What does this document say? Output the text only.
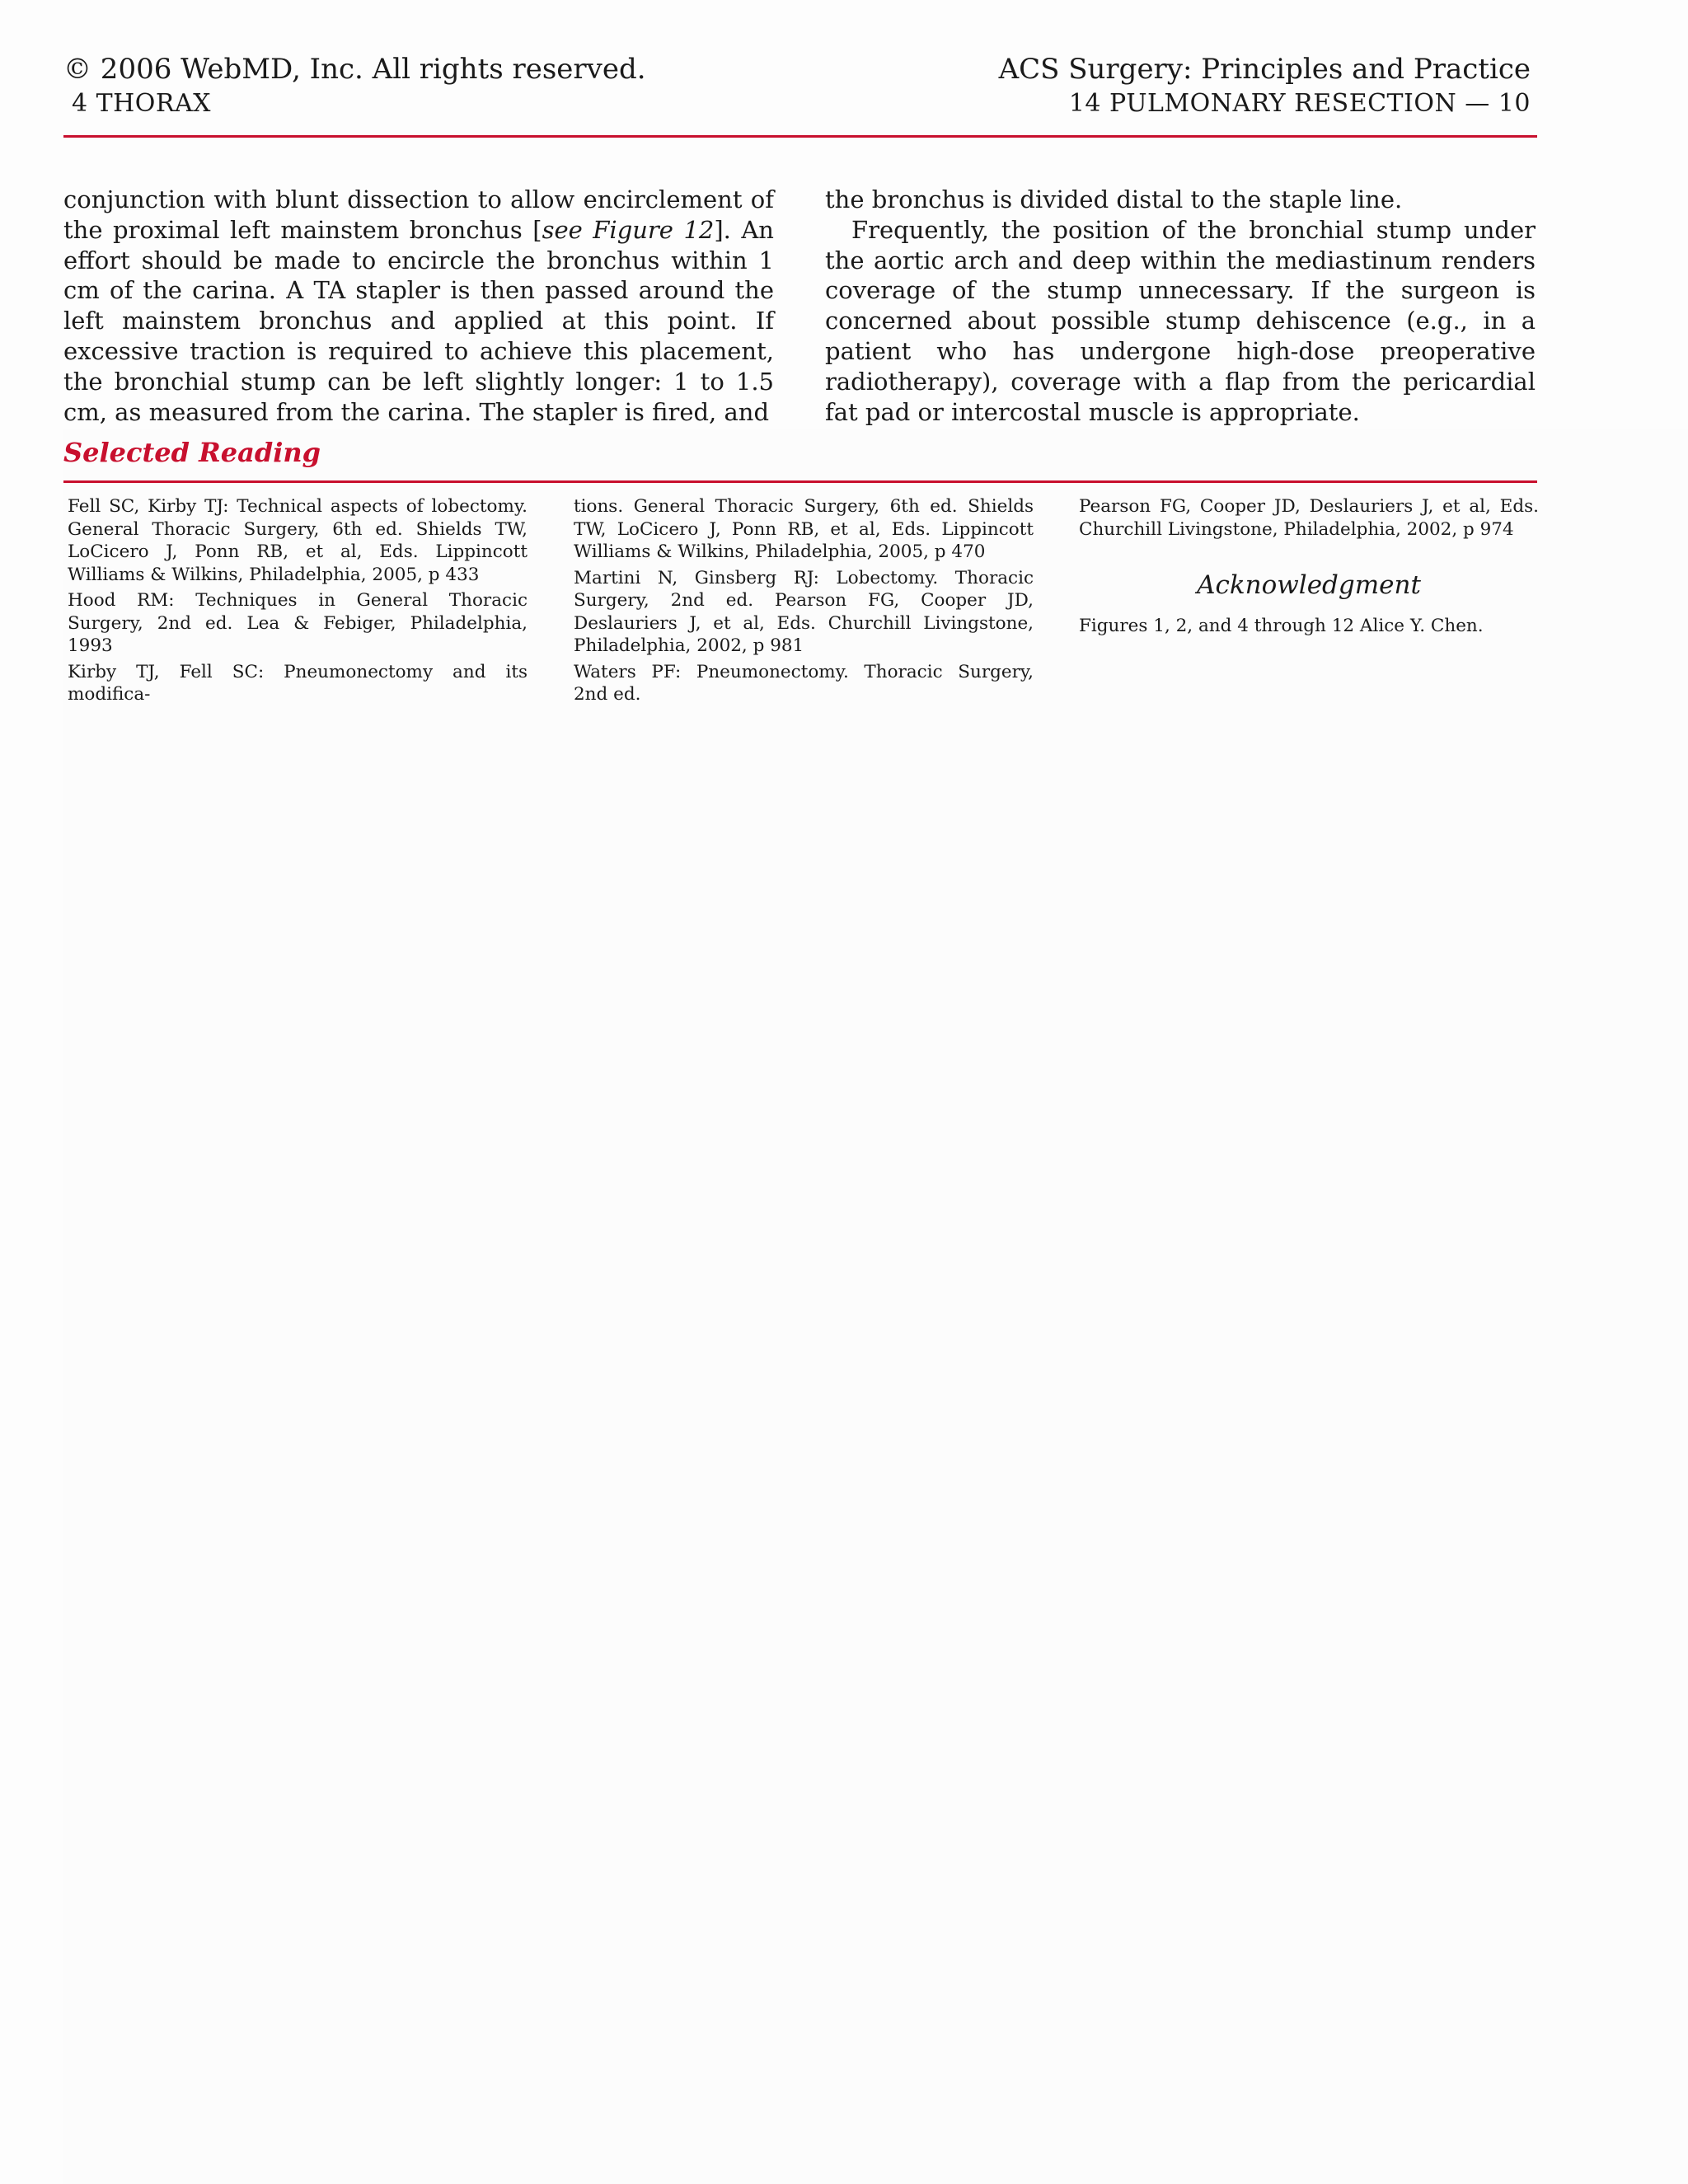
© 2006 WebMD, Inc. All rights reserved.
4 THORAX
ACS Surgery: Principles and Practice
14 PULMONARY RESECTION — 10

conjunction with blunt dissection to allow encirclement of the proximal left mainstem bronchus [see Figure 12]. An effort should be made to encircle the bronchus within 1 cm of the carina. A TA stapler is then passed around the left mainstem bronchus and applied at this point. If excessive traction is required to achieve this placement, the bronchial stump can be left slightly longer: 1 to 1.5 cm, as measured from the carina. The stapler is fired, and

the bronchus is divided distal to the staple line.

Frequently, the position of the bronchial stump under the aortic arch and deep within the mediastinum renders coverage of the stump unnecessary. If the surgeon is concerned about possible stump dehiscence (e.g., in a patient who has undergone high-dose preoperative radiotherapy), coverage with a flap from the pericardial fat pad or intercostal muscle is appropriate.

Selected Reading

Fell SC, Kirby TJ: Technical aspects of lobectomy. General Thoracic Surgery, 6th ed. Shields TW, LoCicero J, Ponn RB, et al, Eds. Lippincott Williams & Wilkins, Philadelphia, 2005, p 433

Hood RM: Techniques in General Thoracic Surgery, 2nd ed. Lea & Febiger, Philadelphia, 1993

Kirby TJ, Fell SC: Pneumonectomy and its modifica-

tions. General Thoracic Surgery, 6th ed. Shields TW, LoCicero J, Ponn RB, et al, Eds. Lippincott Williams & Wilkins, Philadelphia, 2005, p 470

Martini N, Ginsberg RJ: Lobectomy. Thoracic Surgery, 2nd ed. Pearson FG, Cooper JD, Deslauriers J, et al, Eds. Churchill Livingstone, Philadelphia, 2002, p 981

Waters PF: Pneumonectomy. Thoracic Surgery, 2nd ed.

Pearson FG, Cooper JD, Deslauriers J, et al, Eds. Churchill Livingstone, Philadelphia, 2002, p 974

Acknowledgment

Figures 1, 2, and 4 through 12 Alice Y. Chen.
